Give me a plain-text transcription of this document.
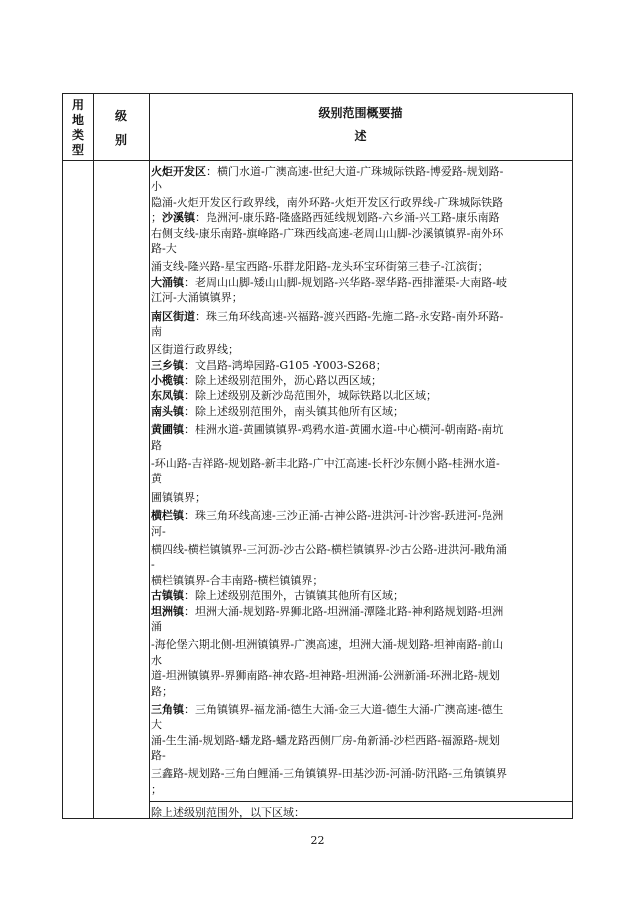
用
地
类
型
级
别
级别范围概要描
述
火炬开发区：横门水道-广澳高速-世纪大道-广珠城际铁路-博爱路-规划路-
小
隐涌-火炬开发区行政界线，南外环路-火炬开发区行政界线-广珠城际铁路
；沙溪镇：凫洲河-康乐路-隆盛路西延线规划路-六乡涌-兴工路-康乐南路
右侧支线-康乐南路-旗峰路-广珠西线高速-老周山山脚-沙溪镇镇界-南外环
路-大
涌支线-隆兴路-星宝西路-乐群龙阳路-龙头环宝环街第三巷子-江滨街；
大涌镇：老周山山脚-矮山山脚-规划路-兴华路-翠华路-西排灌渠-大南路-岐
江河-大涌镇镇界；
南区街道：珠三角环线高速-兴福路-渡兴西路-先施二路-永安路-南外环路-
南
区街道行政界线；
三乡镇：文昌路-鸿埠园路-G105 -Y003-S268；
小榄镇：除上述级别范围外，沥心路以西区域；
东凤镇：除上述级别及新沙岛范围外，城际铁路以北区域；
南头镇：除上述级别范围外，南头镇其他所有区域；
黄圃镇：桂洲水道-黄圃镇镇界-鸡鸦水道-黄圃水道-中心横河-朝南路-南坑
路
-环山路-吉祥路-规划路-新丰北路-广中江高速-长杆沙东侧小路-桂洲水道-
黄
圃镇镇界；
横栏镇：珠三角环线高速-三沙正涌-古神公路-进洪河-计沙窖-跃进河-凫洲
河-
横四线-横栏镇镇界-三河沥-沙古公路-横栏镇镇界-沙古公路-进洪河-戙角涌
-
横栏镇镇界-合丰南路-横栏镇镇界；
古镇镇：除上述级别范围外，古镇镇其他所有区域；
坦洲镇：坦洲大涌-规划路-界狮北路-坦洲涌-潭隆北路-神利路规划路-坦洲
涌
-海伦堡六期北侧-坦洲镇镇界-广澳高速，坦洲大涌-规划路-坦神南路-前山
水
道-坦洲镇镇界-界狮南路-神农路-坦神路-坦洲涌-公洲新涌-环洲北路-规划
路；
三角镇：三角镇镇界-福龙涌-德生大涌-金三大道-德生大涌-广澳高速-德生
大
涌-生生涌-规划路-蟠龙路-蟠龙路西侧厂房-角新涌-沙栏西路-福源路-规划
路-
三鑫路-规划路-三角白鲤涌-三角镇镇界-田基沙沥-河涌-防汛路-三角镇镇界
；
除上述级别范围外，以下区域：
22
